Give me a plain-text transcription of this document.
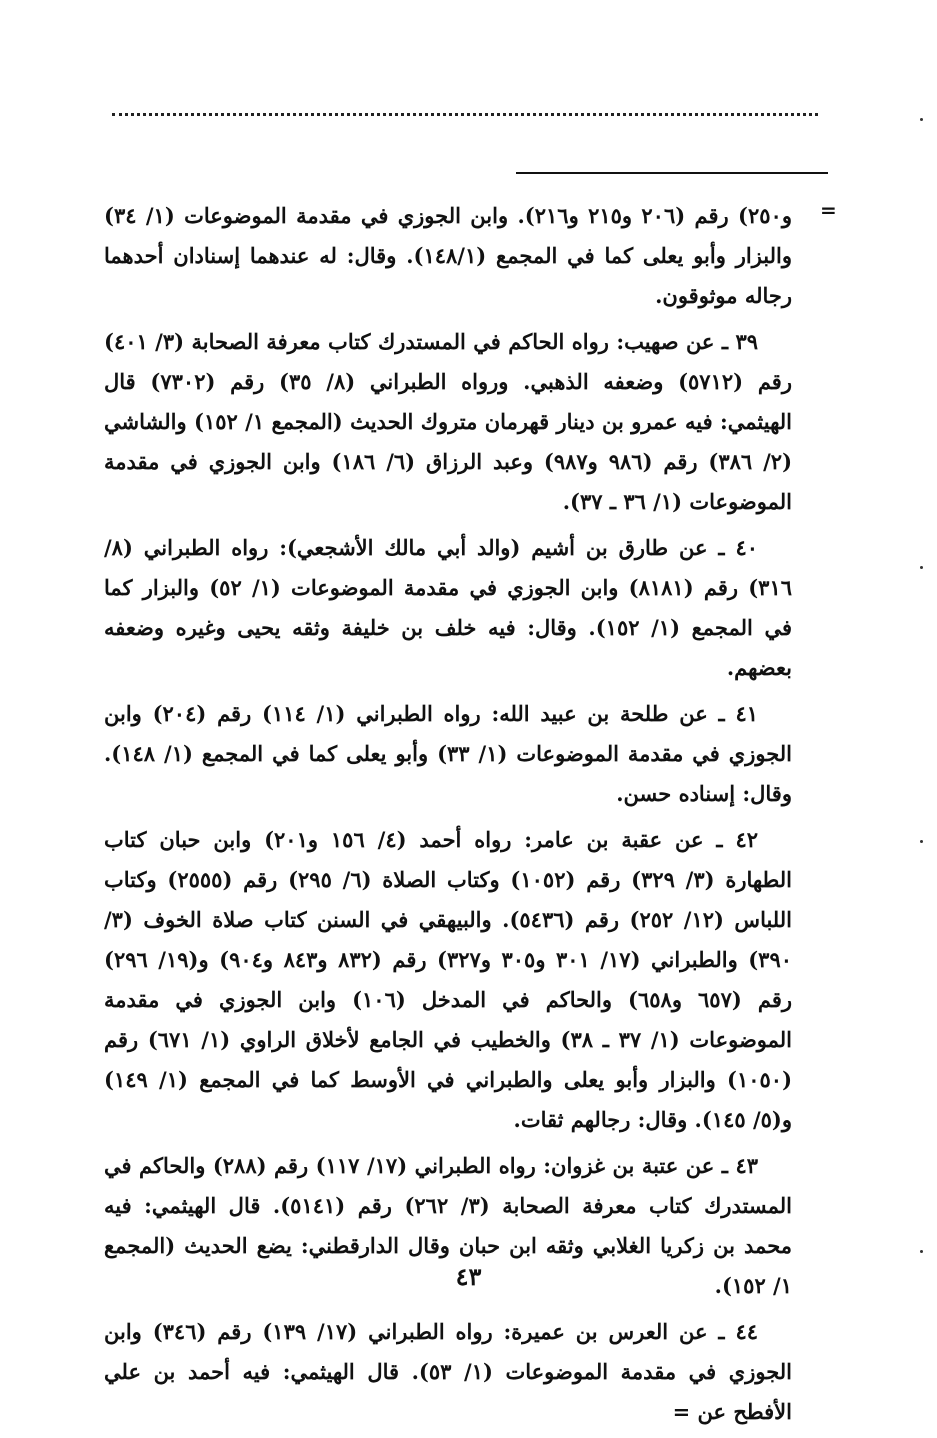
=

و٢٥٠) رقم (٢٠٦ و٢١٥ و٢١٦). وابن الجوزي في مقدمة الموضوعات (١/ ٣٤) والبزار وأبو يعلى كما في المجمع (١٤٨/١). وقال: له عندهما إسنادان أحدهما رجاله موثوقون.

٣٩ ـ عن صهيب: رواه الحاكم في المستدرك كتاب معرفة الصحابة (٣/ ٤٠١) رقم (٥٧١٢) وضعفه الذهبي. ورواه الطبراني (٨/ ٣٥) رقم (٧٣٠٢) قال الهيثمي: فيه عمرو بن دينار قهرمان متروك الحديث (المجمع ١/ ١٥٢) والشاشي (٢/ ٣٨٦) رقم (٩٨٦ و٩٨٧) وعبد الرزاق (٦/ ١٨٦) وابن الجوزي في مقدمة الموضوعات (١/ ٣٦ ـ ٣٧).

٤٠ ـ عن طارق بن أشيم (والد أبي مالك الأشجعي): رواه الطبراني (٨/ ٣١٦) رقم (٨١٨١) وابن الجوزي في مقدمة الموضوعات (١/ ٥٢) والبزار كما في المجمع (١/ ١٥٢). وقال: فيه خلف بن خليفة وثقه يحيى وغيره وضعفه بعضهم.

٤١ ـ عن طلحة بن عبيد الله: رواه الطبراني (١/ ١١٤) رقم (٢٠٤) وابن الجوزي في مقدمة الموضوعات (١/ ٣٣) وأبو يعلى كما في المجمع (١/ ١٤٨). وقال: إسناده حسن.

٤٢ ـ عن عقبة بن عامر: رواه أحمد (٤/ ١٥٦ و٢٠١) وابن حبان كتاب الطهارة (٣/ ٣٢٩) رقم (١٠٥٢) وكتاب الصلاة (٦/ ٢٩٥) رقم (٢٥٥٥) وكتاب اللباس (١٢/ ٢٥٢) رقم (٥٤٣٦). والبيهقي في السنن كتاب صلاة الخوف (٣/ ٣٩٠) والطبراني (١٧/ ٣٠١ و٣٠٥ و٣٢٧) رقم (٨٣٢ و٨٤٣ و٩٠٤) و(١٩/ ٢٩٦) رقم (٦٥٧ و٦٥٨) والحاكم في المدخل (١٠٦) وابن الجوزي في مقدمة الموضوعات (١/ ٣٧ ـ ٣٨) والخطيب في الجامع لأخلاق الراوي (١/ ٦٧١) رقم (١٠٥٠) والبزار وأبو يعلى والطبراني في الأوسط كما في المجمع (١/ ١٤٩) و(٥/ ١٤٥). وقال: رجالهم ثقات.

٤٣ ـ عن عتبة بن غزوان: رواه الطبراني (١٧/ ١١٧) رقم (٢٨٨) والحاكم في المستدرك كتاب معرفة الصحابة (٣/ ٢٦٢) رقم (٥١٤١). قال الهيثمي: فيه محمد بن زكريا الغلابي وثقه ابن حبان وقال الدارقطني: يضع الحديث (المجمع ١/ ١٥٢).

٤٤ ـ عن العرس بن عميرة: رواه الطبراني (١٧/ ١٣٩) رقم (٣٤٦) وابن الجوزي في مقدمة الموضوعات (١/ ٥٣). قال الهيثمي: فيه أحمد بن علي الأفطح عن =

٤٣
